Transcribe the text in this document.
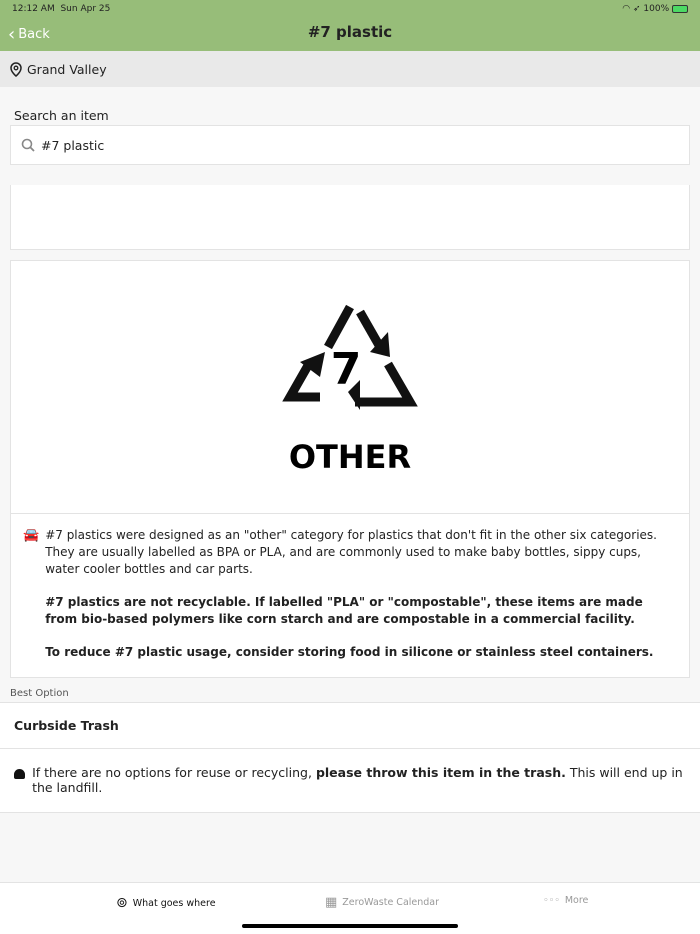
12:12 AM Sun Apr 25	◠ ➶ 100%
‹ Back	#7 plastic
Grand Valley
Search an item
#7 plastic
7
OTHER
🚘 #7 plastics were designed as an "other" category for plastics that don't fit in the other six categories. They are usually labelled as BPA or PLA, and are commonly used to make baby bottles, sippy cups, water cooler bottles and car parts.

#7 plastics are not recyclable. If labelled "PLA" or "compostable", these items are made from bio-based polymers like corn starch and are compostable in a commercial facility.

To reduce #7 plastic usage, consider storing food in silicone or stainless steel containers.

Best Option
Curbside Trash
If there are no options for reuse or recycling, please throw this item in the trash. This will end up in the landfill.
⊚ What goes where	▦ ZeroWaste Calendar	◦◦◦ More
